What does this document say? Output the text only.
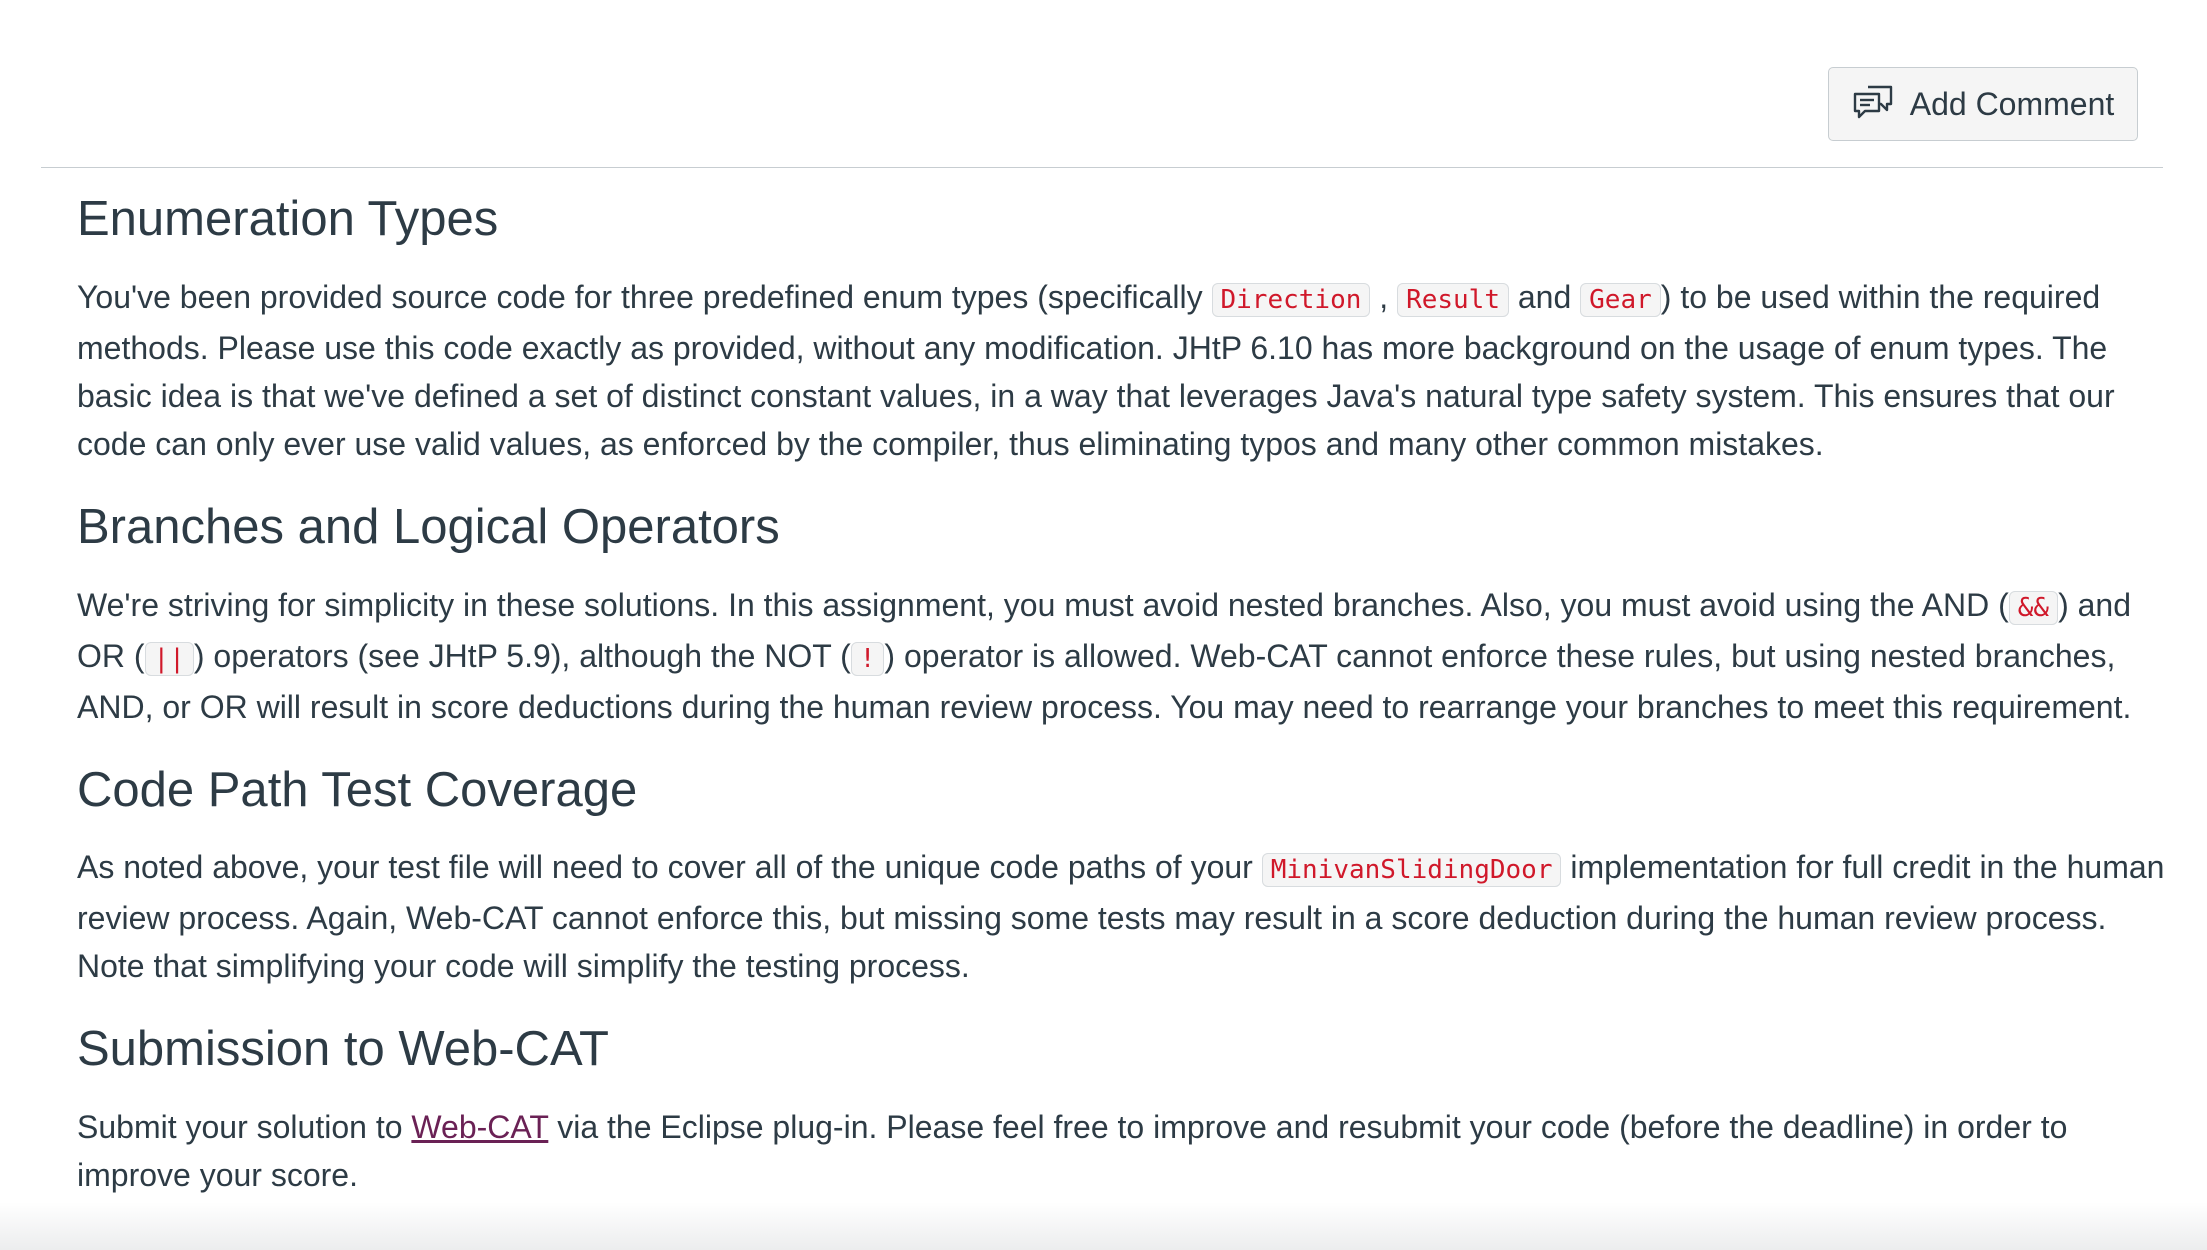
Add Comment
Enumeration Types

You've been provided source code for three predefined enum types (specifically Direction , Result and Gear ) to be used within the required methods. Please use this code exactly as provided, without any modification. JHtP 6.10 has more background on the usage of enum types. The basic idea is that we've defined a set of distinct constant values, in a way that leverages Java's natural type safety system. This ensures that our code can only ever use valid values, as enforced by the compiler, thus eliminating typos and many other common mistakes.

Branches and Logical Operators

We're striving for simplicity in these solutions. In this assignment, you must avoid nested branches. Also, you must avoid using the AND ( && ) and OR ( || ) operators (see JHtP 5.9), although the NOT ( ! ) operator is allowed. Web-CAT cannot enforce these rules, but using nested branches, AND, or OR will result in score deductions during the human review process. You may need to rearrange your branches to meet this requirement.

Code Path Test Coverage

As noted above, your test file will need to cover all of the unique code paths of your MinivanSlidingDoor implementation for full credit in the human review process. Again, Web-CAT cannot enforce this, but missing some tests may result in a score deduction during the human review process. Note that simplifying your code will simplify the testing process.

Submission to Web-CAT

Submit your solution to Web-CAT via the Eclipse plug-in. Please feel free to improve and resubmit your code (before the deadline) in order to improve your score.
